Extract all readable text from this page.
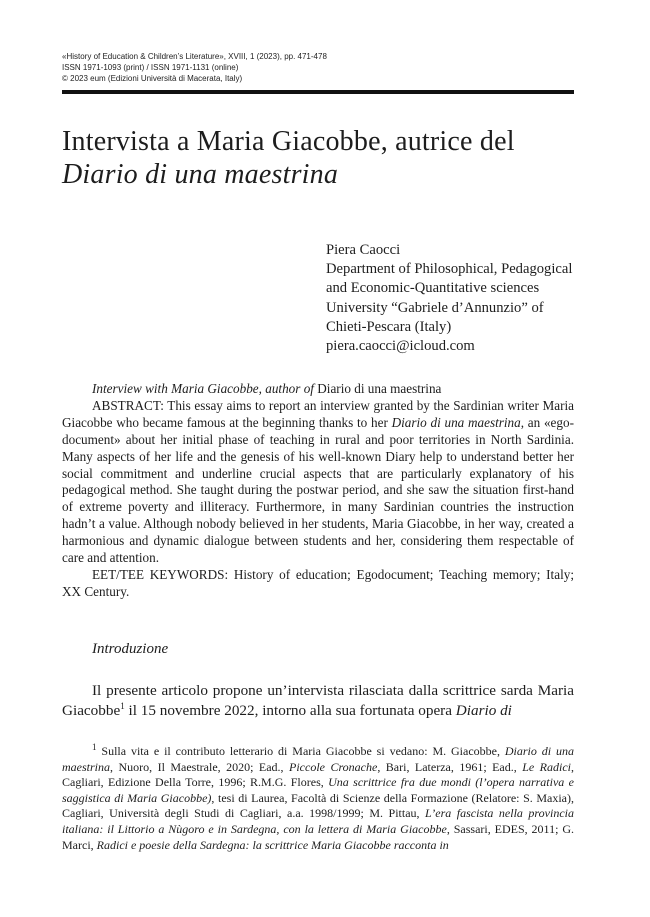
«History of Education & Children’s Literature», XVIII, 1 (2023), pp. 471-478
ISSN 1971-1093 (print) / ISSN 1971-1131 (online)
© 2023 eum (Edizioni Università di Macerata, Italy)
Intervista a Maria Giacobbe, autrice del
Diario di una maestrina
Piera Caocci
Department of Philosophical, Pedagogical
and Economic-Quantitative sciences
University “Gabriele d’Annunzio” of
Chieti-Pescara (Italy)
piera.caocci@icloud.com

Interview with Maria Giacobbe, author of Diario di una maestrina

ABSTRACT: This essay aims to report an interview granted by the Sardinian writer Maria Giacobbe who became famous at the beginning thanks to her Diario di una maestrina, an «ego-document» about her initial phase of teaching in rural and poor territories in North Sardinia. Many aspects of her life and the genesis of his well-known Diary help to understand better her social commitment and underline crucial aspects that are particularly explanatory of his pedagogical method. She taught during the postwar period, and she saw the situation first-hand of extreme poverty and illiteracy. Furthermore, in many Sardinian countries the instruction hadn’t a value. Although nobody believed in her students, Maria Giacobbe, in her way, created a harmonious and dynamic dialogue between students and her, considering them respectable of care and attention.

EET/TEE KEYWORDS: History of education; Egodocument; Teaching memory; Italy; XX Century.

Introduzione

Il presente articolo propone un’intervista rilasciata dalla scrittrice sarda Maria Giacobbe$^1$ il 15 novembre 2022, intorno alla sua fortunata opera Diario di

$^1$ Sulla vita e il contributo letterario di Maria Giacobbe si vedano: M. Giacobbe, Diario di una maestrina, Nuoro, Il Maestrale, 2020; Ead., Piccole Cronache, Bari, Laterza, 1961; Ead., Le Radici, Cagliari, Edizione Della Torre, 1996; R.M.G. Flores, Una scrittrice fra due mondi (l’opera narrativa e saggistica di Maria Giacobbe), tesi di Laurea, Facoltà di Scienze della Formazione (Relatore: S. Maxia), Cagliari, Università degli Studi di Cagliari, a.a. 1998/1999; M. Pittau, L’era fascista nella provincia italiana: il Littorio a Nùgoro e in Sardegna, con la lettera di Maria Giacobbe, Sassari, EDES, 2011; G. Marci, Radici e poesie della Sardegna: la scrittrice Maria Giacobbe racconta in
